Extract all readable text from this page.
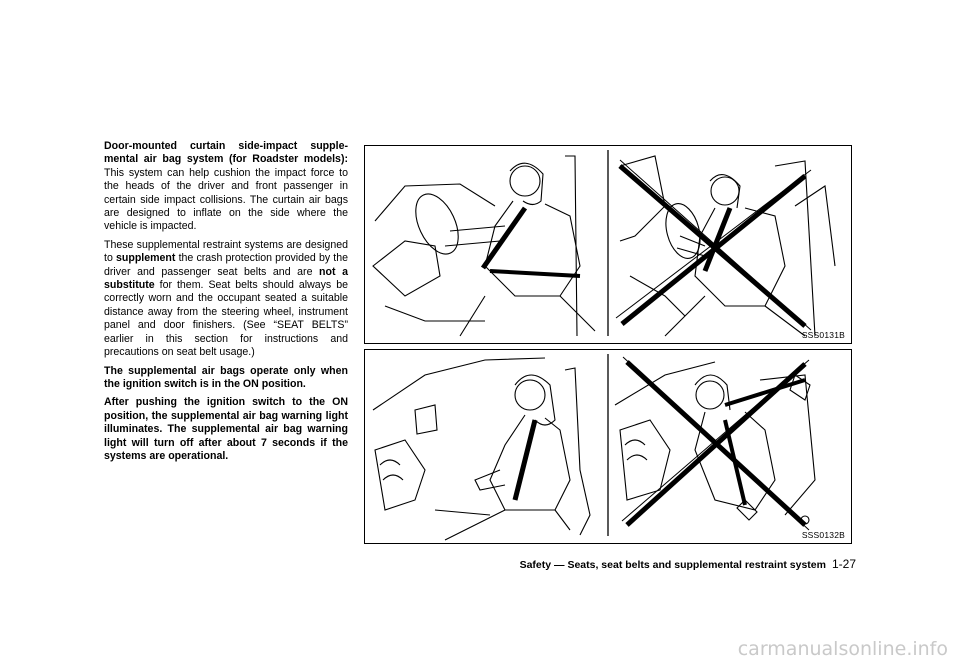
Door-mounted curtain side-impact supplemental air bag system (for Roadster models): This system can help cushion the impact force to the heads of the driver and front passenger in certain side impact collisions. The curtain air bags are designed to inflate on the side where the vehicle is impacted.

These supplemental restraint systems are designed to supplement the crash protection provided by the driver and passenger seat belts and are not a substitute for them. Seat belts should always be correctly worn and the occupant seated a suitable distance away from the steering wheel, instrument panel and door finishers. (See “SEAT BELTS” earlier in this section for instructions and precautions on seat belt usage.)

The supplemental air bags operate only when the ignition switch is in the ON position.

After pushing the ignition switch to the ON position, the supplemental air bag warning light illuminates. The supplemental air bag warning light will turn off after about 7 seconds if the systems are operational.

SSS0131B
SSS0132B
Safety — Seats, seat belts and supplemental restraint system 1-27
carmanualsonline.info
